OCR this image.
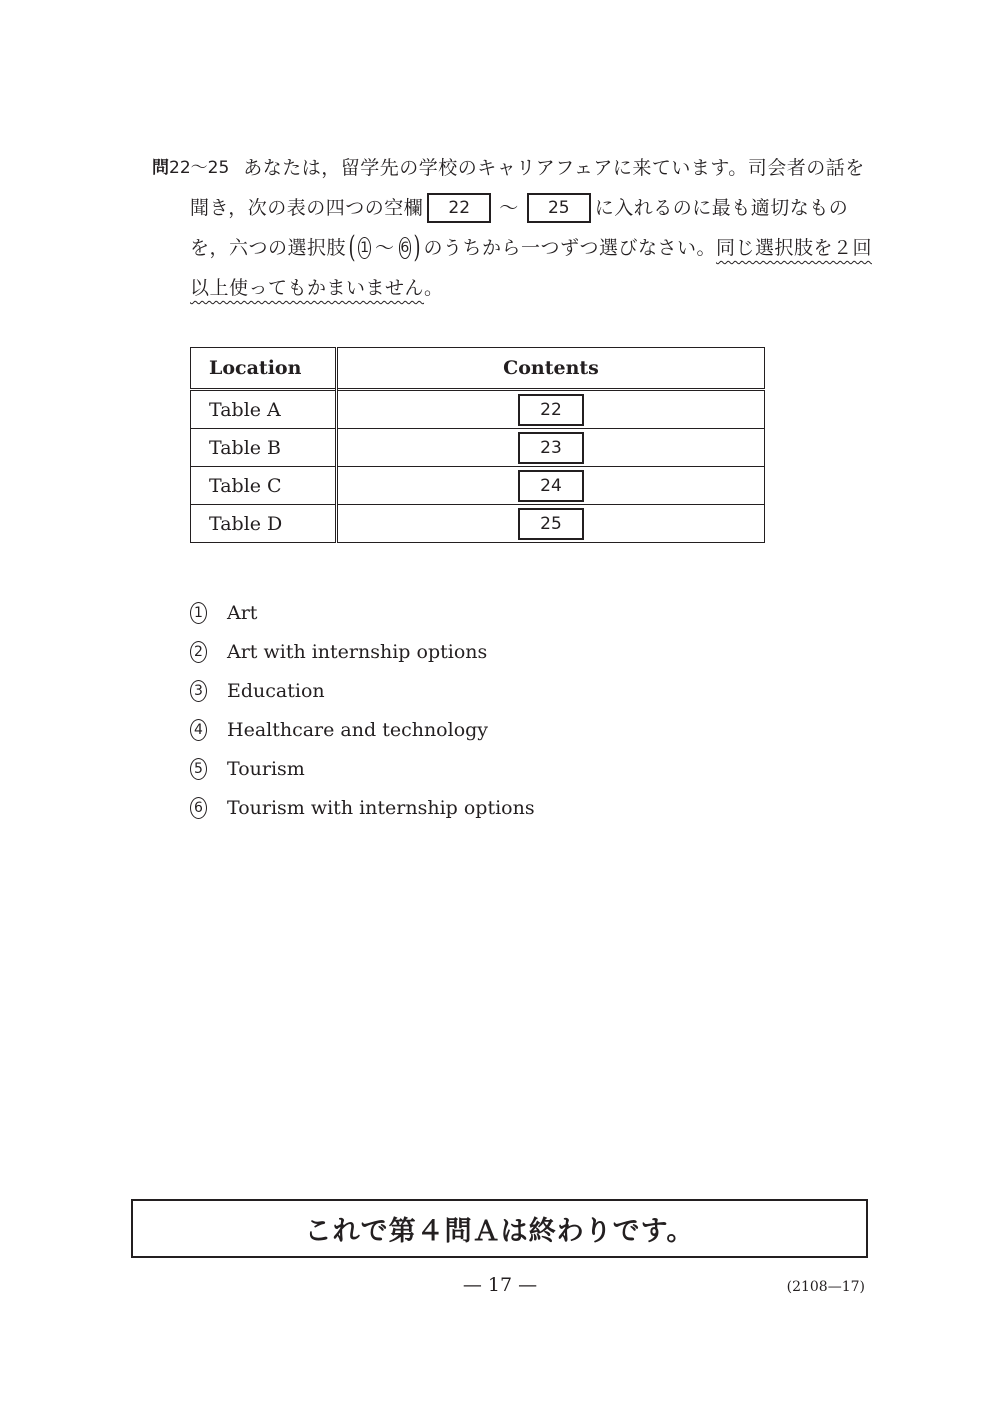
問22～25 あなたは，留学先の学校のキャリアフェアに来ています。司会者の話を
聞き，次の表の四つの空欄	22	～	25	に入れるのに最も適切なもの
を，六つの選択肢 ( 1 ～ 6 ) のうちから一つずつ選びなさい。 同じ選択肢を２回
以上使ってもかまいません 。
Location	Contents
Table A	22
Table B	23
Table C	24
Table D	25
1 Art
2 Art with internship options
3 Education
4 Healthcare and technology
5 Tourism
6 Tourism with internship options
これで第４問Ａは終わりです。
— 17 —	(2108—17)
